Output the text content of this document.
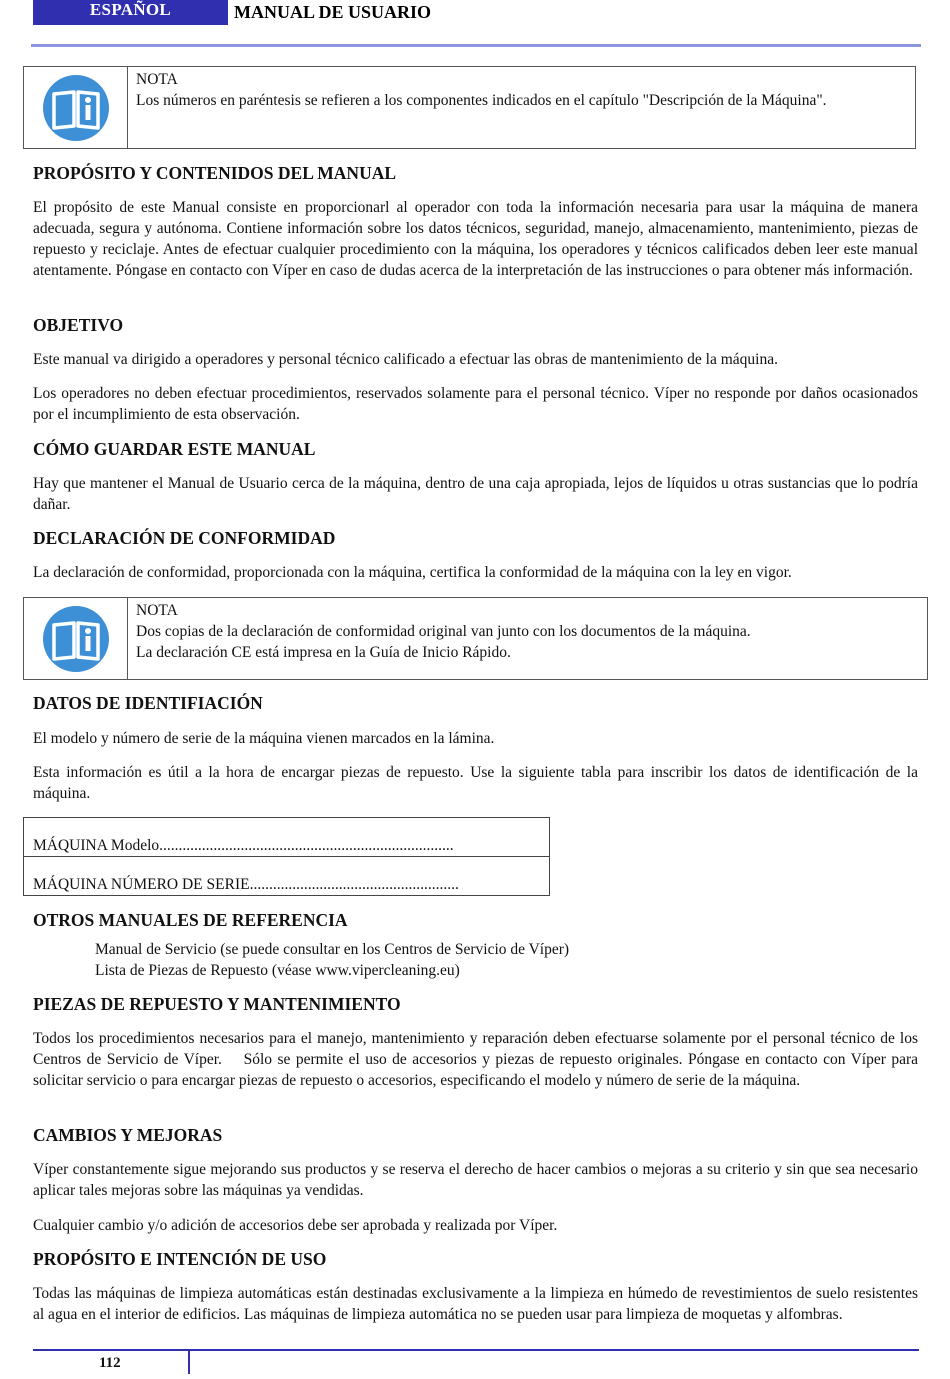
ESPAÑOL	MANUAL DE USUARIO
NOTA
Los números en paréntesis se refieren a los componentes indicados en el capítulo "Descripción de la Máquina".
PROPÓSITO Y CONTENIDOS DEL MANUAL

El propósito de este Manual consiste en proporcionarl al operador con toda la información necesaria para usar la máquina de manera adecuada, segura y autónoma. Contiene información sobre los datos técnicos, seguridad, manejo, almacenamiento, mantenimiento, piezas de repuesto y reciclaje. Antes de efectuar cualquier procedimiento con la máquina, los operadores y técnicos calificados deben leer este manual atentamente. Póngase en contacto con Víper en caso de dudas acerca de la interpretación de las instrucciones o para obtener más información.

OBJETIVO

Este manual va dirigido a operadores y personal técnico calificado a efectuar las obras de mantenimiento de la máquina.

Los operadores no deben efectuar procedimientos, reservados solamente para el personal técnico. Víper no responde por daños ocasionados por el incumplimiento de esta observación.

CÓMO GUARDAR ESTE MANUAL

Hay que mantener el Manual de Usuario cerca de la máquina, dentro de una caja apropiada, lejos de líquidos u otras sustancias que lo podría dañar.

DECLARACIÓN DE CONFORMIDAD

La declaración de conformidad, proporcionada con la máquina, certifica la conformidad de la máquina con la ley en vigor.

NOTA
Dos copias de la declaración de conformidad original van junto con los documentos de la máquina.
La declaración CE está impresa en la Guía de Inicio Rápido.
DATOS DE IDENTIFIACIÓN

El modelo y número de serie de la máquina vienen marcados en la lámina.

Esta información es útil a la hora de encargar piezas de repuesto. Use la siguiente tabla para inscribir los datos de identificación de la máquina.

MÁQUINA Modelo............................................................................
MÁQUINA NÚMERO DE SERIE......................................................
OTROS MANUALES DE REFERENCIA
Manual de Servicio (se puede consultar en los Centros de Servicio de Víper)
Lista de Piezas de Repuesto (véase www.vipercleaning.eu)
PIEZAS DE REPUESTO Y MANTENIMIENTO

Todos los procedimientos necesarios para el manejo, mantenimiento y reparación deben efectuarse solamente por el personal técnico de los Centros de Servicio de Víper.    Sólo se permite el uso de accesorios y piezas de repuesto originales. Póngase en contacto con Víper para solicitar servicio o para encargar piezas de repuesto o accesorios, especificando el modelo y número de serie de la máquina.

CAMBIOS Y MEJORAS

Víper constantemente sigue mejorando sus productos y se reserva el derecho de hacer cambios o mejoras a su criterio y sin que sea necesario aplicar tales mejoras sobre las máquinas ya vendidas.

Cualquier cambio y/o adición de accesorios debe ser aprobada y realizada por Víper.

PROPÓSITO E INTENCIÓN DE USO

Todas las máquinas de limpieza automáticas están destinadas exclusivamente a la limpieza en húmedo de revestimientos de suelo resistentes al agua en el interior de edificios. Las máquinas de limpieza automática no se pueden usar para limpieza de moquetas y alfombras.

112
